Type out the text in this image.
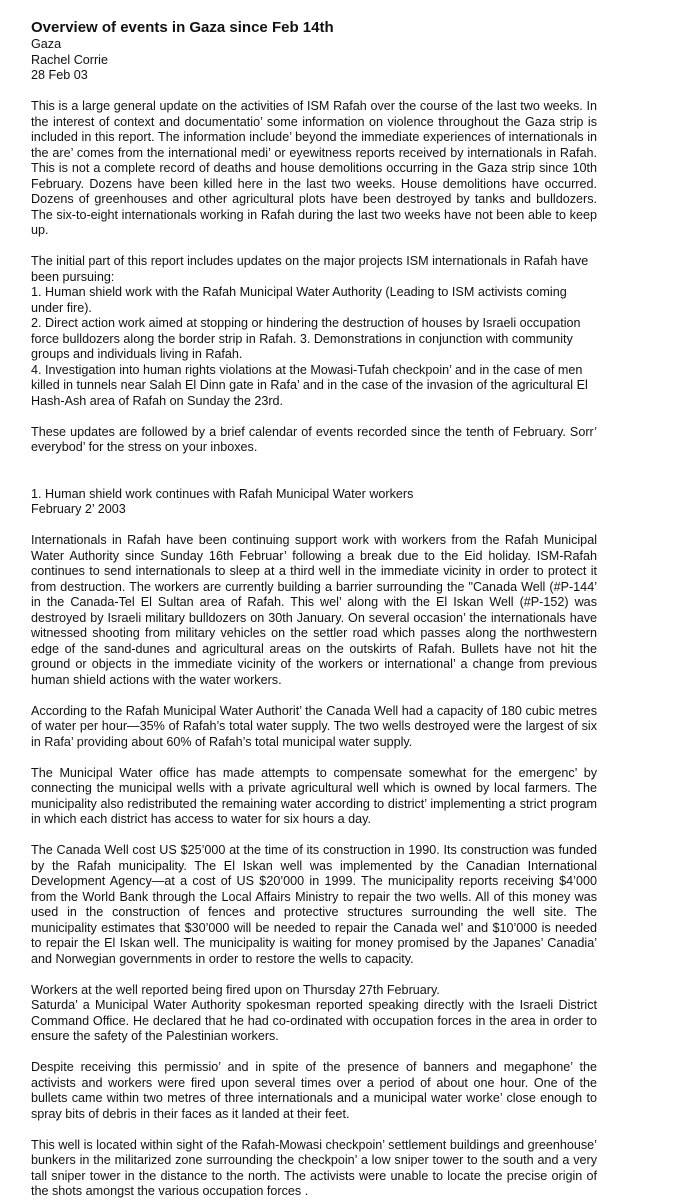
Overview of events in Gaza since Feb 14th
Gaza
Rachel Corrie
28 Feb 03

This is a large general update on the activities of ISM Rafah over the course of the last two weeks. In the interest of context and documentatio’ some information on violence throughout the Gaza strip is included in this report. The information include’ beyond the immediate experiences of internationals in the are’ comes from the international medi’ or eyewitness reports received by internationals in Rafah. This is not a complete record of deaths and house demolitions occurring in the Gaza strip since 10th February. Dozens have been killed here in the last two weeks. House demolitions have occurred. Dozens of greenhouses and other agricultural plots have been destroyed by tanks and bulldozers. The six-to-eight internationals working in Rafah during the last two weeks have not been able to keep up.

The initial part of this report includes updates on the major projects ISM internationals in Rafah have been pursuing:
1. Human shield work with the Rafah Municipal Water Authority (Leading to ISM activists coming under fire).
2. Direct action work aimed at stopping or hindering the destruction of houses by Israeli occupation force bulldozers along the border strip in Rafah. 3. Demonstrations in conjunction with community groups and individuals living in Rafah.
4. Investigation into human rights violations at the Mowasi-Tufah checkpoin’ and in the case of men killed in tunnels near Salah El Dinn gate in Rafa’ and in the case of the invasion of the agricultural El Hash-Ash area of Rafah on Sunday the 23rd.

These updates are followed by a brief calendar of events recorded since the tenth of February. Sorr’ everybod’ for the stress on your inboxes.

1. Human shield work continues with Rafah Municipal Water workers
February 2’ 2003

Internationals in Rafah have been continuing support work with workers from the Rafah Municipal Water Authority since Sunday 16th Februar’ following a break due to the Eid holiday. ISM-Rafah continues to send internationals to sleep at a third well in the immediate vicinity in order to protect it from destruction. The workers are currently building a barrier surrounding the "Canada Well (#P-144’ in the Canada-Tel El Sultan area of Rafah. This wel’ along with the El Iskan Well (#P-152) was destroyed by Israeli military bulldozers on 30th January. On several occasion’ the internationals have witnessed shooting from military vehicles on the settler road which passes along the northwestern edge of the sand-dunes and agricultural areas on the outskirts of Rafah. Bullets have not hit the ground or objects in the immediate vicinity of the workers or international’ a change from previous human shield actions with the water workers.

According to the Rafah Municipal Water Authorit’ the Canada Well had a capacity of 180 cubic metres of water per hour—35% of Rafah’s total water supply. The two wells destroyed were the largest of six in Rafa’ providing about 60% of Rafah’s total municipal water supply.

The Municipal Water office has made attempts to compensate somewhat for the emergenc’ by connecting the municipal wells with a private agricultural well which is owned by local farmers. The municipality also redistributed the remaining water according to district’ implementing a strict program in which each district has access to water for six hours a day.

The Canada Well cost US $25’000 at the time of its construction in 1990. Its construction was funded by the Rafah municipality. The El Iskan well was implemented by the Canadian International Development Agency—at a cost of US $20’000 in 1999. The municipality reports receiving $4’000 from the World Bank through the Local Affairs Ministry to repair the two wells. All of this money was used in the construction of fences and protective structures surrounding the well site. The municipality estimates that $30’000 will be needed to repair the Canada wel’ and $10’000 is needed to repair the El Iskan well. The municipality is waiting for money promised by the Japanes’ Canadia’ and Norwegian governments in order to restore the wells to capacity.

Workers at the well reported being fired upon on Thursday 27th February.

Saturda’ a Municipal Water Authority spokesman reported speaking directly with the Israeli District Command Office. He declared that he had co-ordinated with occupation forces in the area in order to ensure the safety of the Palestinian workers.

Despite receiving this permissio’ and in spite of the presence of banners and megaphone’ the activists and workers were fired upon several times over a period of about one hour. One of the bullets came within two metres of three internationals and a municipal water worke’ close enough to spray bits of debris in their faces as it landed at their feet.

This well is located within sight of the Rafah-Mowasi checkpoin’ settlement buildings and greenhouse’ bunkers in the militarized zone surrounding the checkpoin’ a low sniper tower to the south and a very tall sniper tower in the distance to the north. The activists were unable to locate the precise origin of the shots amongst the various occupation forces .
